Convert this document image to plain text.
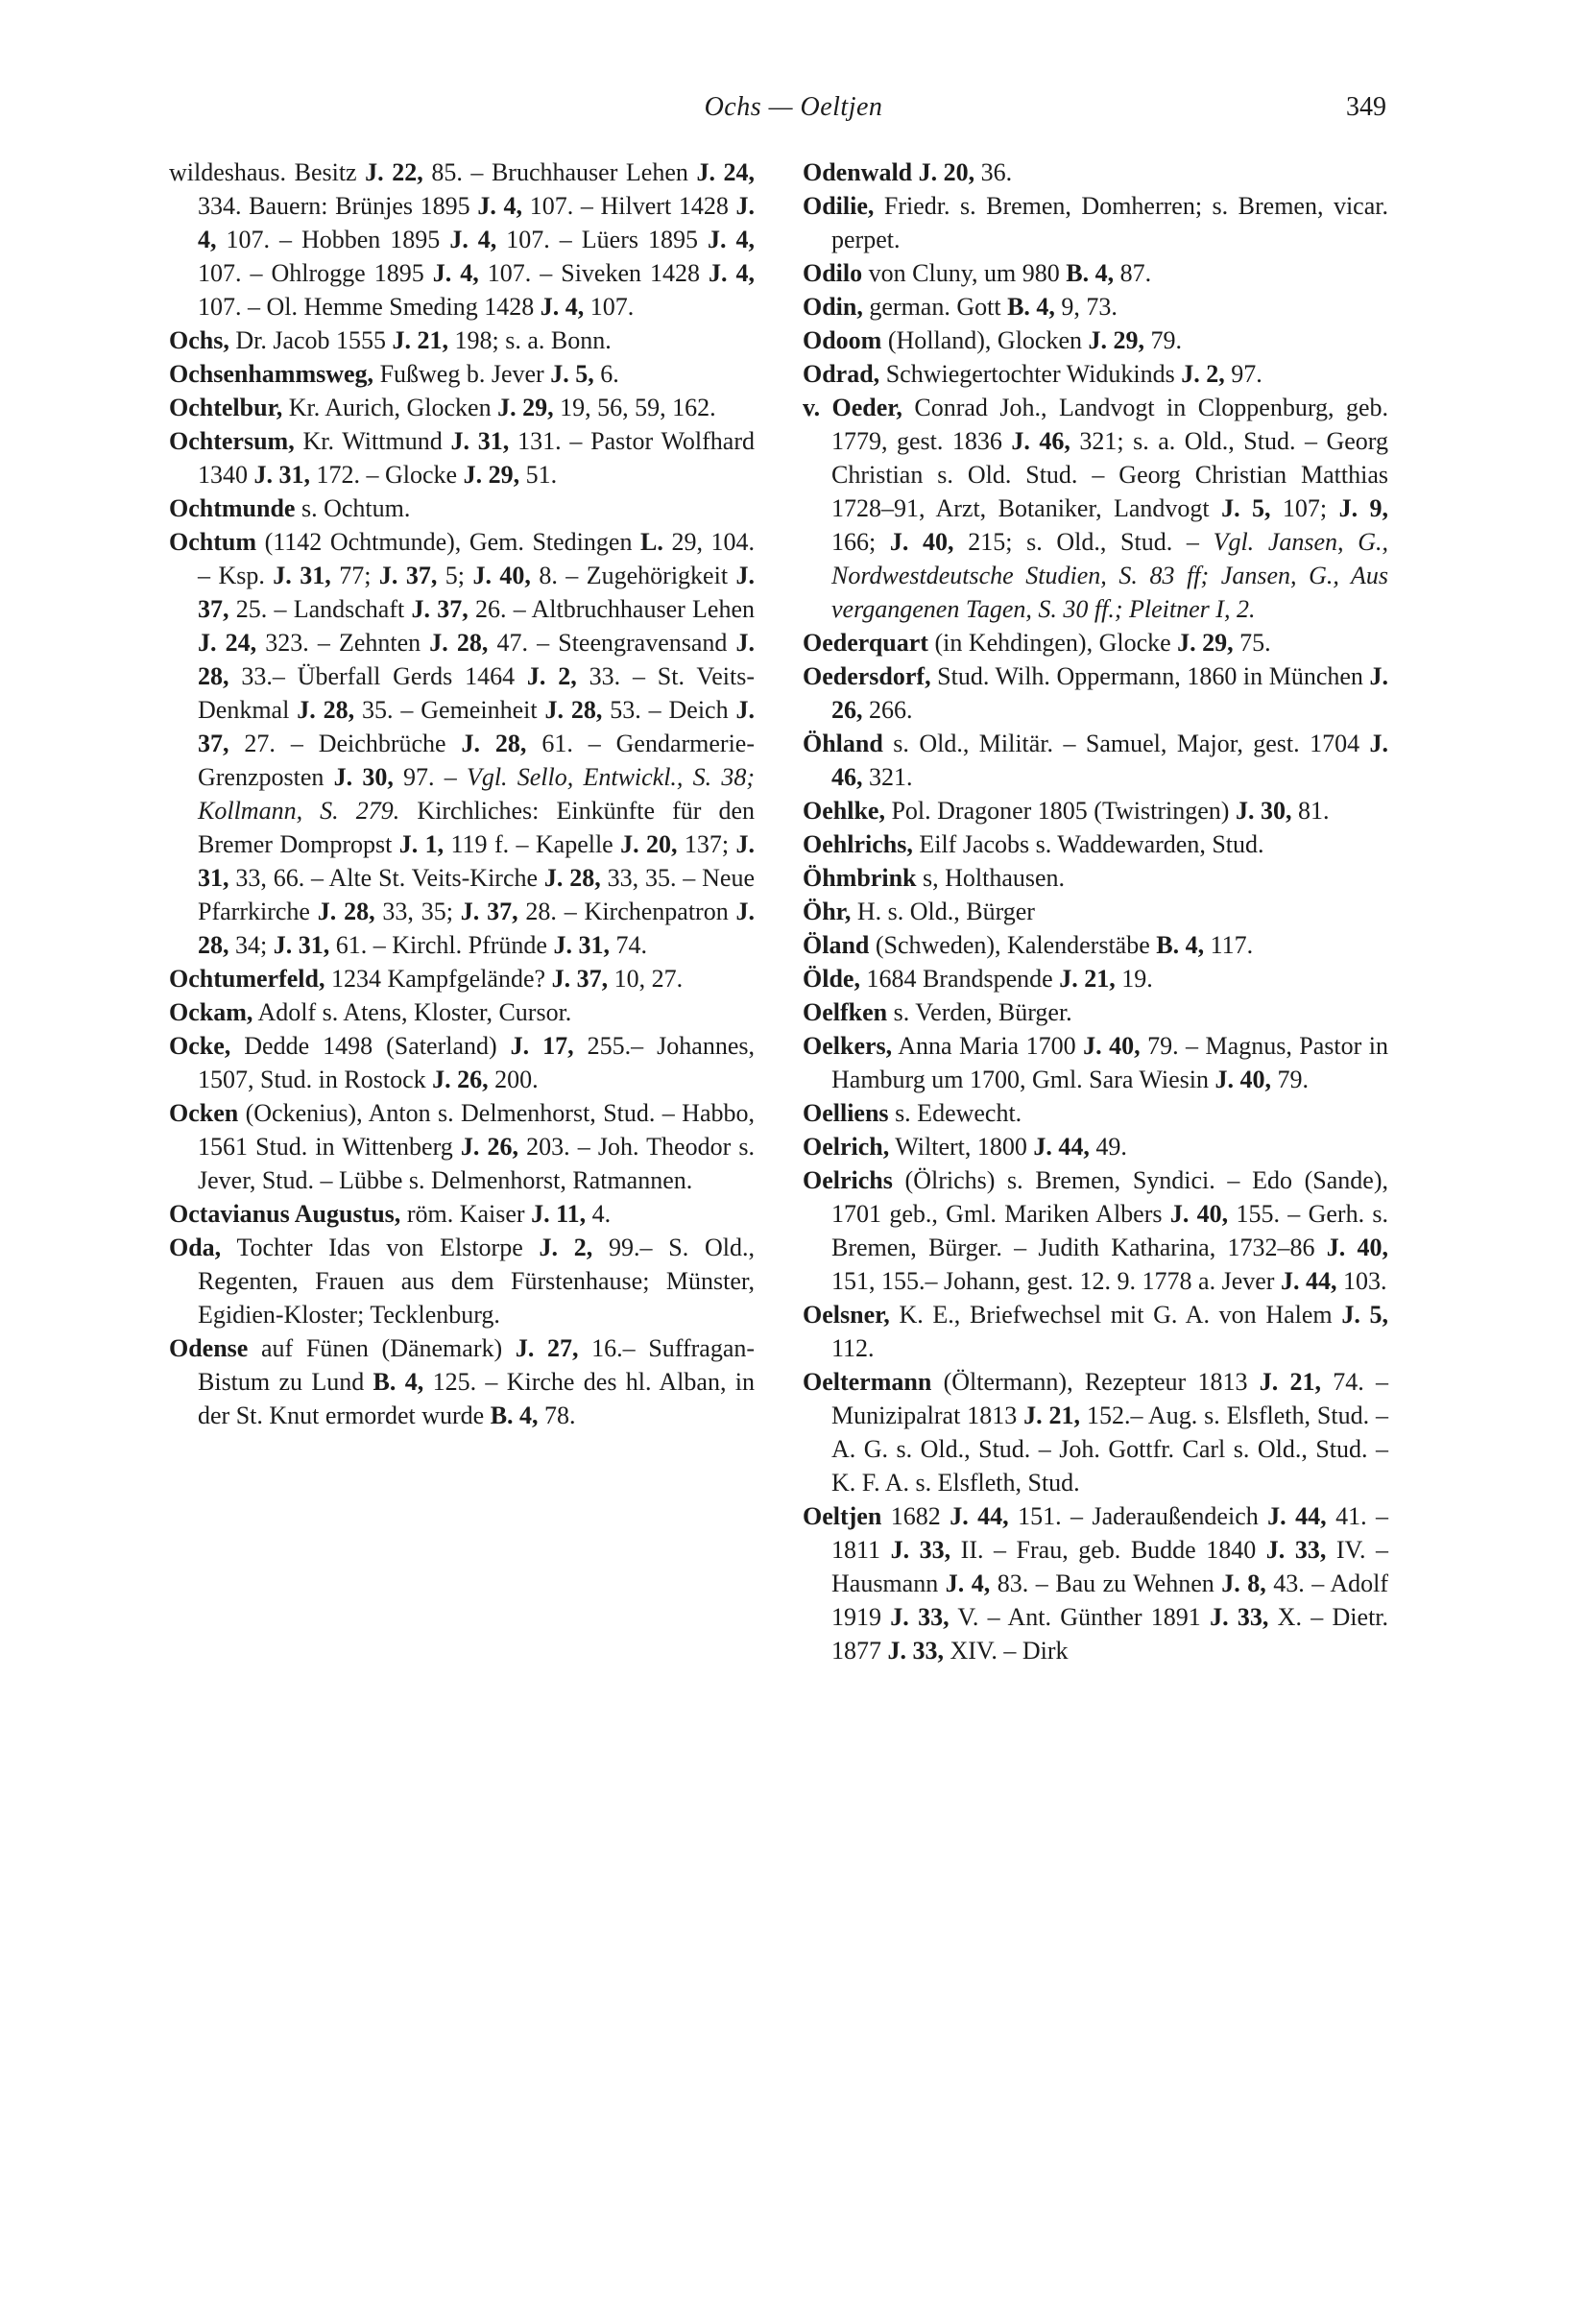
Ochs — Oeltjen	349

wildeshaus. Besitz J. 22, 85. – Bruchhauser Lehen J. 24, 334. Bauern: Brünjes 1895 J. 4, 107. – Hilvert 1428 J. 4, 107. – Hobben 1895 J. 4, 107. – Lüers 1895 J. 4, 107. – Ohlrogge 1895 J. 4, 107. – Siveken 1428 J. 4, 107. – Ol. Hemme Smeding 1428 J. 4, 107.

Ochs, Dr. Jacob 1555 J. 21, 198; s. a. Bonn.

Ochsenhammsweg, Fußweg b. Jever J. 5, 6.

Ochtelbur, Kr. Aurich, Glocken J. 29, 19, 56, 59, 162.

Ochtersum, Kr. Wittmund J. 31, 131. – Pastor Wolfhard 1340 J. 31, 172. – Glocke J. 29, 51.

Ochtmunde s. Ochtum.

Ochtum (1142 Ochtmunde), Gem. Stedingen L. 29, 104. – Ksp. J. 31, 77; J. 37, 5; J. 40, 8. – Zugehörigkeit J. 37, 25. – Landschaft J. 37, 26. – Altbruchhauser Lehen J. 24, 323. – Zehnten J. 28, 47. – Steengravensand J. 28, 33.– Überfall Gerds 1464 J. 2, 33. – St. Veits-Denkmal J. 28, 35. – Gemeinheit J. 28, 53. – Deich J. 37, 27. – Deichbrüche J. 28, 61. – Gendarmerie-Grenzposten J. 30, 97. – Vgl. Sello, Entwickl., S. 38; Kollmann, S. 279. Kirchliches: Einkünfte für den Bremer Dompropst J. 1, 119 f. – Kapelle J. 20, 137; J. 31, 33, 66. – Alte St. Veits-Kirche J. 28, 33, 35. – Neue Pfarrkirche J. 28, 33, 35; J. 37, 28. – Kirchenpatron J. 28, 34; J. 31, 61. – Kirchl. Pfründe J. 31, 74.

Ochtumerfeld, 1234 Kampfgelände? J. 37, 10, 27.

Ockam, Adolf s. Atens, Kloster, Cursor.

Ocke, Dedde 1498 (Saterland) J. 17, 255.– Johannes, 1507, Stud. in Rostock J. 26, 200.

Ocken (Ockenius), Anton s. Delmenhorst, Stud. – Habbo, 1561 Stud. in Wittenberg J. 26, 203. – Joh. Theodor s. Jever, Stud. – Lübbe s. Delmenhorst, Ratmannen.

Octavianus Augustus, röm. Kaiser J. 11, 4.

Oda, Tochter Idas von Elstorpe J. 2, 99.– S. Old., Regenten, Frauen aus dem Fürstenhause; Münster, Egidien-Kloster; Tecklenburg.

Odense auf Fünen (Dänemark) J. 27, 16.– Suffragan-Bistum zu Lund B. 4, 125. – Kirche des hl. Alban, in der St. Knut ermordet wurde B. 4, 78.

Odenwald J. 20, 36.

Odilie, Friedr. s. Bremen, Domherren; s. Bremen, vicar. perpet.

Odilo von Cluny, um 980 B. 4, 87.

Odin, german. Gott B. 4, 9, 73.

Odoom (Holland), Glocken J. 29, 79.

Odrad, Schwiegertochter Widukinds J. 2, 97.

v. Oeder, Conrad Joh., Landvogt in Cloppenburg, geb. 1779, gest. 1836 J. 46, 321; s. a. Old., Stud. – Georg Christian s. Old. Stud. – Georg Christian Matthias 1728–91, Arzt, Botaniker, Landvogt J. 5, 107; J. 9, 166; J. 40, 215; s. Old., Stud. – Vgl. Jansen, G., Nordwestdeutsche Studien, S. 83 ff; Jansen, G., Aus vergangenen Tagen, S. 30 ff.; Pleitner I, 2.

Oederquart (in Kehdingen), Glocke J. 29, 75.

Oedersdorf, Stud. Wilh. Oppermann, 1860 in München J. 26, 266.

Öhland s. Old., Militär. – Samuel, Major, gest. 1704 J. 46, 321.

Oehlke, Pol. Dragoner 1805 (Twistringen) J. 30, 81.

Oehlrichs, Eilf Jacobs s. Waddewarden, Stud.

Öhmbrink s, Holthausen.

Öhr, H. s. Old., Bürger

Öland (Schweden), Kalenderstäbe B. 4, 117.

Ölde, 1684 Brandspende J. 21, 19.

Oelfken s. Verden, Bürger.

Oelkers, Anna Maria 1700 J. 40, 79. – Magnus, Pastor in Hamburg um 1700, Gml. Sara Wiesin J. 40, 79.

Oelliens s. Edewecht.

Oelrich, Wiltert, 1800 J. 44, 49.

Oelrichs (Ölrichs) s. Bremen, Syndici. – Edo (Sande), 1701 geb., Gml. Mariken Albers J. 40, 155. – Gerh. s. Bremen, Bürger. – Judith Katharina, 1732–86 J. 40, 151, 155.– Johann, gest. 12. 9. 1778 a. Jever J. 44, 103.

Oelsner, K. E., Briefwechsel mit G. A. von Halem J. 5, 112.

Oeltermann (Öltermann), Rezepteur 1813 J. 21, 74. – Munizipalrat 1813 J. 21, 152.– Aug. s. Elsfleth, Stud. – A. G. s. Old., Stud. – Joh. Gottfr. Carl s. Old., Stud. – K. F. A. s. Elsfleth, Stud.

Oeltjen 1682 J. 44, 151. – Jaderaußendeich J. 44, 41. – 1811 J. 33, II. – Frau, geb. Budde 1840 J. 33, IV. – Hausmann J. 4, 83. – Bau zu Wehnen J. 8, 43. – Adolf 1919 J. 33, V. – Ant. Günther 1891 J. 33, X. – Dietr. 1877 J. 33, XIV. – Dirk
